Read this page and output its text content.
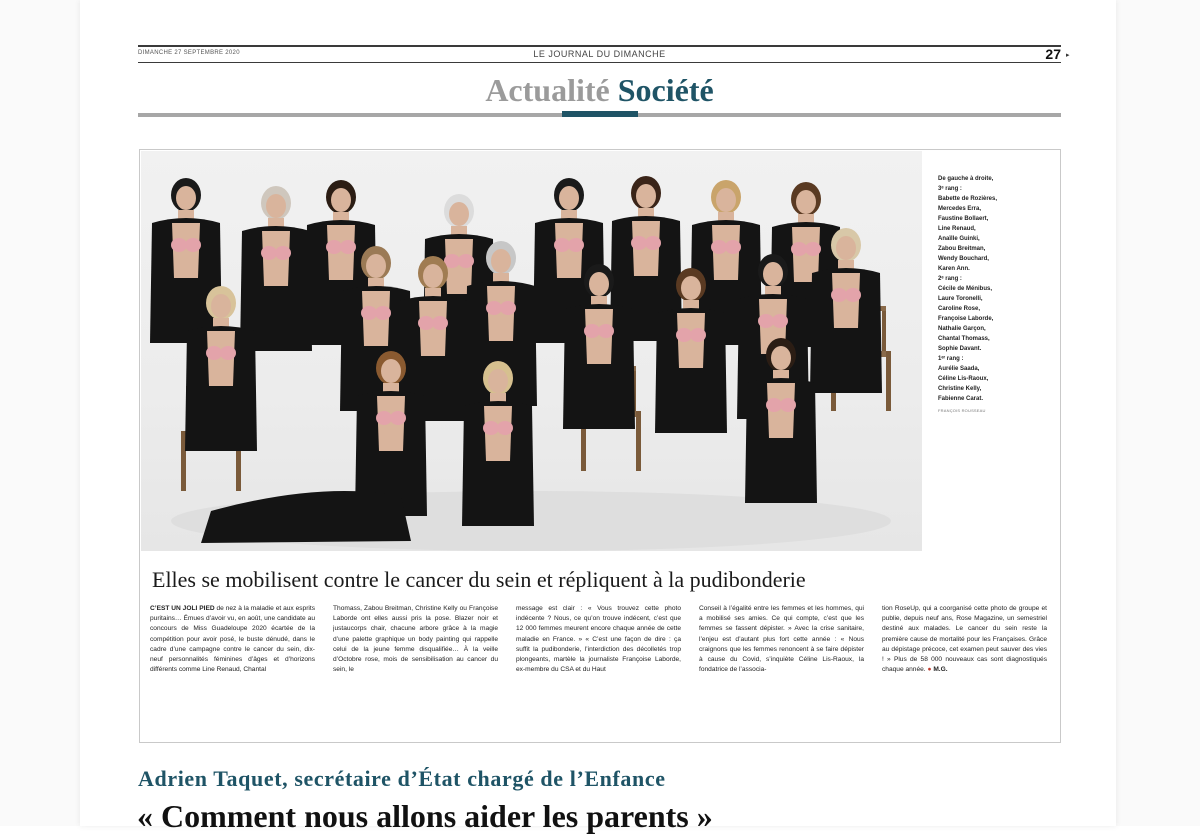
DIMANCHE 27 SEPTEMBRE 2020	LE JOURNAL DU DIMANCHE	27 ▸
Actualité Société
De gauche à droite,
3ᵉ rang :
Babette de Rozières,
Mercedes Erra,
Faustine Bollaert,
Line Renaud,
Anaïlle Guinki,
Zabou Breitman,
Wendy Bouchard,
Karen Ann.
2ᵉ rang :
Cécile de Ménibus,
Laure Toronelli,
Caroline Rose,
Françoise Laborde,
Nathalie Garçon,
Chantal Thomass,
Sophie Davant.
1ᵉʳ rang :
Aurélie Saada,
Céline Lis-Raoux,
Christine Kelly,
Fabienne Carat.
FRANÇOIS ROUSSEAU
Elles se mobilisent contre le cancer du sein et répliquent à la pudibonderie
C’EST UN JOLI PIED de nez à la maladie et aux esprits puritains… Émues d’avoir vu, en août, une candidate au concours de Miss Guadeloupe 2020 écartée de la compétition pour avoir posé, le buste dénudé, dans le cadre d’une campagne contre le cancer du sein, dix-neuf personnalités féminines d’âges et d’horizons différents comme Line Renaud, Chantal
Thomass, Zabou Breitman, Christine Kelly ou Françoise Laborde ont elles aussi pris la pose. Blazer noir et justaucorps chair, chacune arbore grâce à la magie d’une palette graphique un body painting qui rappelle celui de la jeune femme disqualifiée… À la veille d’Octobre rose, mois de sensibilisation au cancer du sein, le
message est clair : « Vous trouvez cette photo indécente ? Nous, ce qu’on trouve indécent, c’est que 12 000 femmes meurent encore chaque année de cette maladie en France. » « C’est une façon de dire : ça suffit la pudibonderie, l’interdiction des décolletés trop plongeants, martèle la journaliste Françoise Laborde, ex-membre du CSA et du Haut
Conseil à l’égalité entre les femmes et les hommes, qui a mobilisé ses amies. Ce qui compte, c’est que les femmes se fassent dépister. » Avec la crise sanitaire, l’enjeu est d’autant plus fort cette année : « Nous craignons que les femmes renoncent à se faire dépister à cause du Covid, s’inquiète Céline Lis-Raoux, la fondatrice de l’associa-
tion RoseUp, qui a coorganisé cette photo de groupe et publie, depuis neuf ans, Rose Magazine, un semestriel destiné aux malades. Le cancer du sein reste la première cause de mortalité pour les Françaises. Grâce au dépistage précoce, cet examen peut sauver des vies ! » Plus de 58 000 nouveaux cas sont diagnostiqués chaque année. ● M.G.
Adrien Taquet, secrétaire d’État chargé de l’Enfance
« Comment nous allons aider les parents »
